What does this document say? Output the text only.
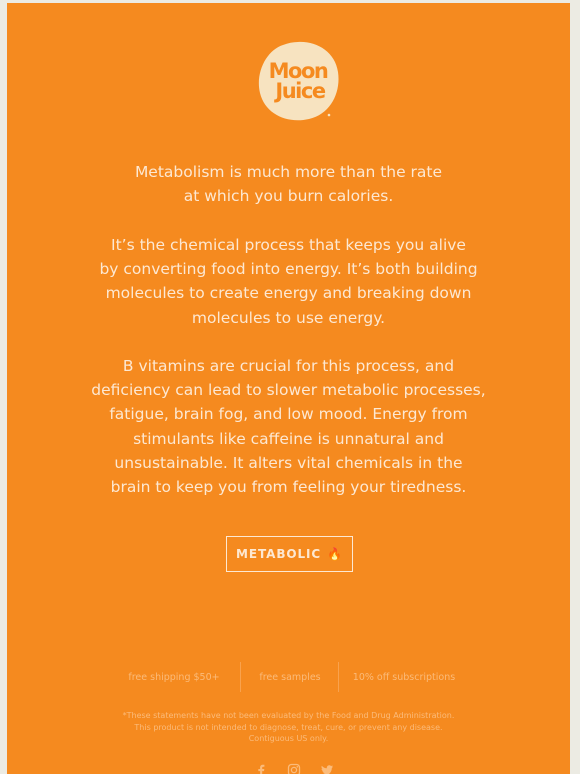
Moon
Juice

Metabolism is much more than the rate

at which you burn calories.

It’s the chemical process that keeps you alive

by converting food into energy. It’s both building

molecules to create energy and breaking down

molecules to use energy.

B vitamins are crucial for this process, and

deficiency can lead to slower metabolic processes,

fatigue, brain fog, and low mood. Energy from

stimulants like caffeine is unnatural and

unsustainable. It alters vital chemicals in the

brain to keep you from feeling your tiredness.

METABOLIC 🔥
free shipping $50+	free samples	10% off subscriptions

*These statements have not been evaluated by the Food and Drug Administration.

This product is not intended to diagnose, treat, cure, or prevent any disease.

Contiguous US only.
